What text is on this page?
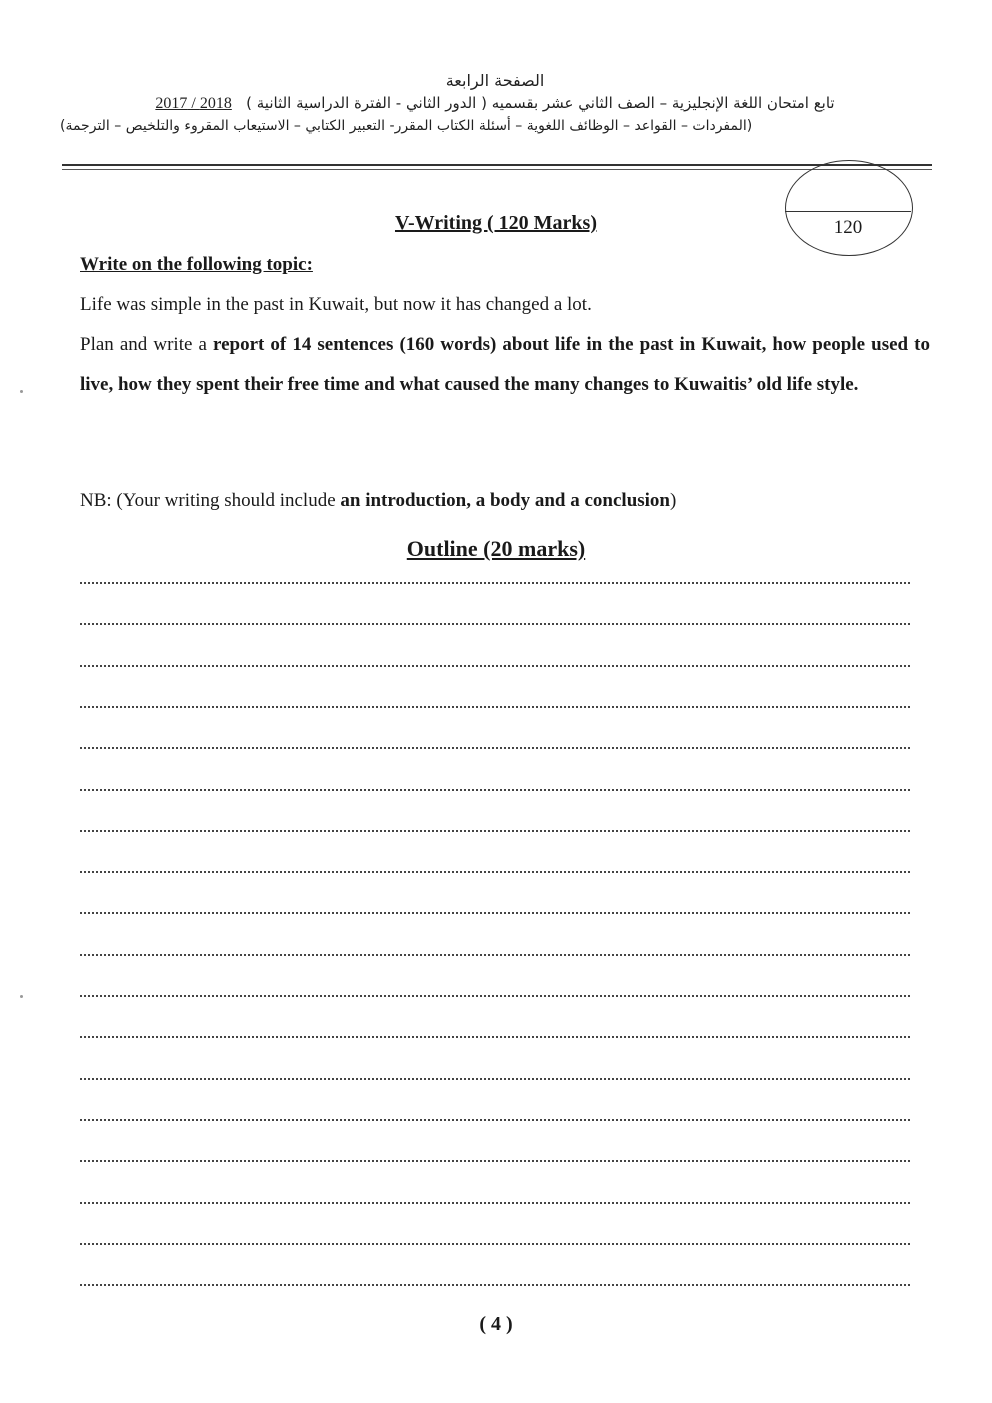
الصفحة الرابعة
تابع امتحان اللغة الإنجليزية – الصف الثاني عشر بقسميه ( الدور الثاني - الفترة الدراسية الثانية )   2018 / 2017
(المفردات – القواعد – الوظائف اللغوية – أسئلة الكتاب المقرر- التعبير الكتابي – الاستيعاب المقروء والتلخيص – الترجمة)
120
V-Writing ( 120 Marks)
Write on the following topic:
Life was simple in the past in Kuwait, but now it has changed a lot.
Plan and write a report of 14 sentences (160 words) about life in the past in Kuwait, how people used to live, how they spent their free time and what caused the many changes to Kuwaitis’ old life style.
NB: (Your writing should include an introduction, a body and a conclusion)
Outline (20 marks)
( 4 )
